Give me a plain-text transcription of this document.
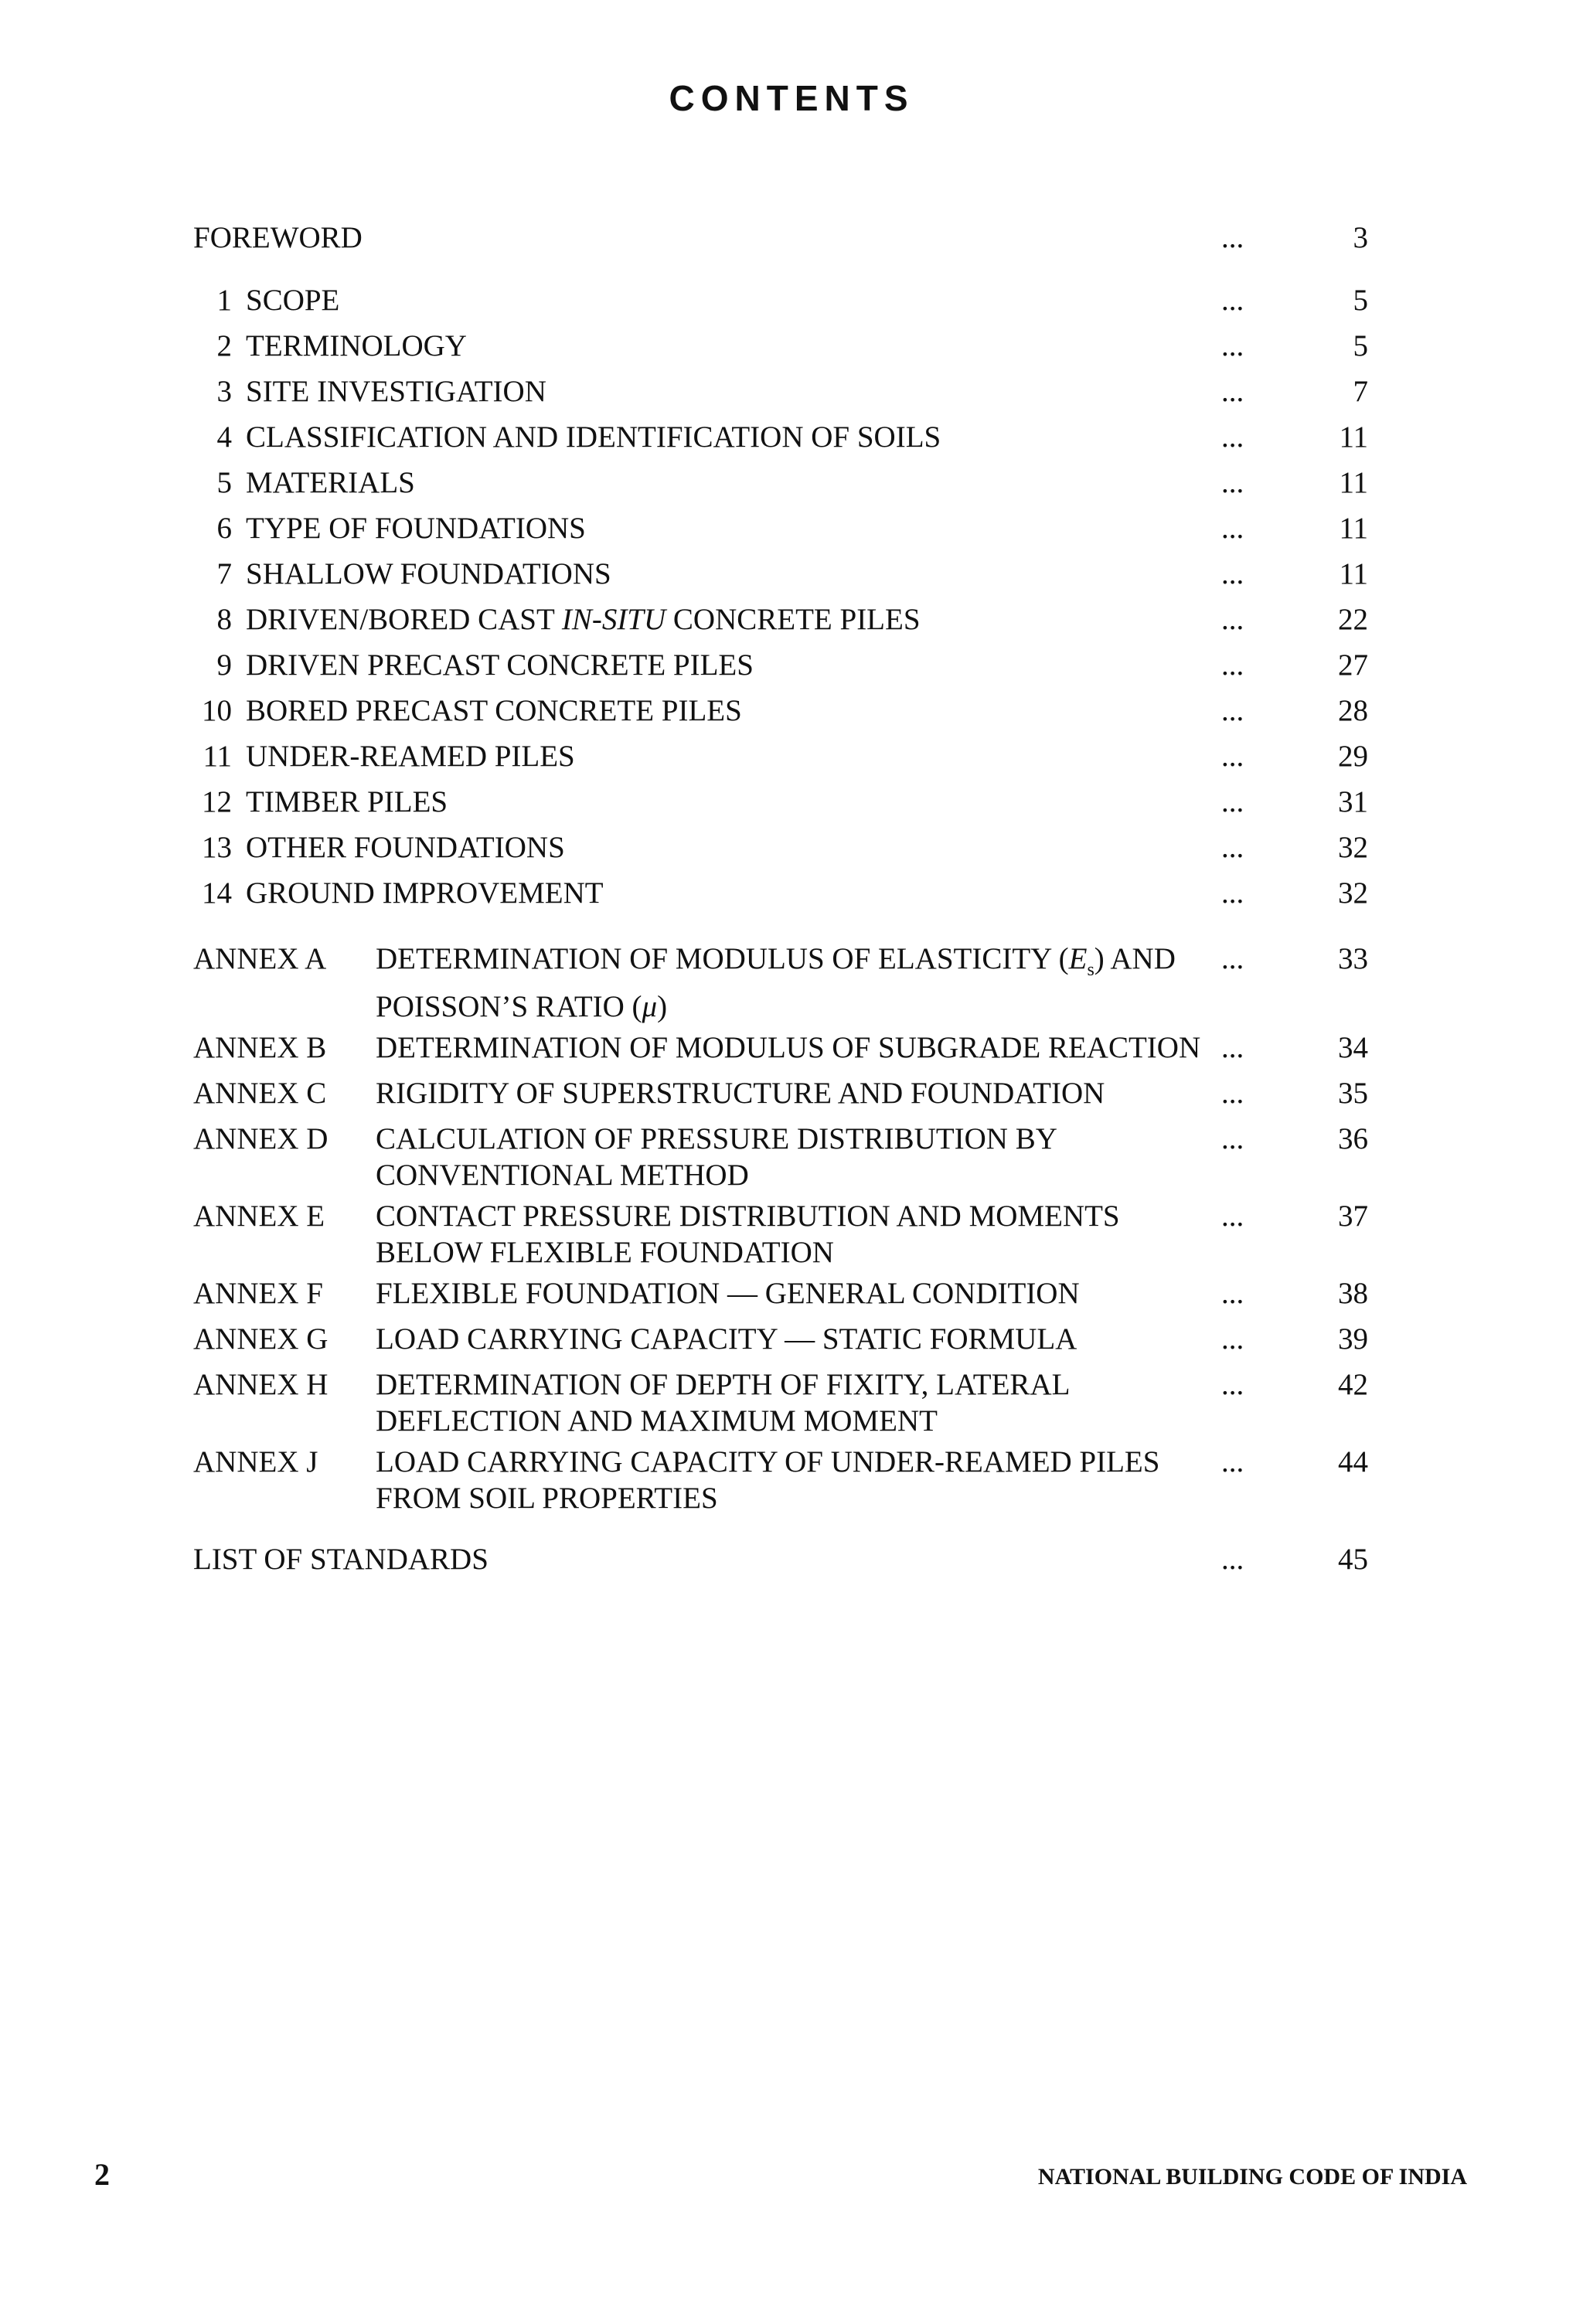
CONTENTS
FOREWORD	...	3
1 SCOPE	...	5
2 TERMINOLOGY	...	5
3 SITE INVESTIGATION	...	7
4 CLASSIFICATION AND IDENTIFICATION OF SOILS	...	11
5 MATERIALS	...	11
6 TYPE OF FOUNDATIONS	...	11
7 SHALLOW FOUNDATIONS	...	11
8 DRIVEN/BORED CAST IN-SITU CONCRETE PILES	...	22
9 DRIVEN PRECAST CONCRETE PILES	...	27
10 BORED PRECAST CONCRETE PILES	...	28
11 UNDER-REAMED PILES	...	29
12 TIMBER PILES	...	31
13 OTHER FOUNDATIONS	...	32
14 GROUND IMPROVEMENT	...	32
ANNEX A	DETERMINATION OF MODULUS OF ELASTICITY $(E_s)$ AND
POISSON’S RATIO (μ)
...	33
ANNEX B	DETERMINATION OF MODULUS OF SUBGRADE REACTION ...	34
ANNEX C	RIGIDITY OF SUPERSTRUCTURE AND FOUNDATION	...	35
ANNEX D	CALCULATION OF PRESSURE DISTRIBUTION BY
CONVENTIONAL METHOD
...	36
ANNEX E	CONTACT PRESSURE DISTRIBUTION AND MOMENTS
BELOW FLEXIBLE FOUNDATION
...	37
ANNEX F	FLEXIBLE FOUNDATION — GENERAL CONDITION	...	38
ANNEX G	LOAD CARRYING CAPACITY — STATIC FORMULA	...	39
ANNEX H	DETERMINATION OF DEPTH OF FIXITY, LATERAL
DEFLECTION AND MAXIMUM MOMENT
...	42
ANNEX J	LOAD CARRYING CAPACITY OF UNDER-REAMED PILES
FROM SOIL PROPERTIES
...	44
LIST OF STANDARDS	...	45
2	NATIONAL BUILDING CODE OF INDIA
